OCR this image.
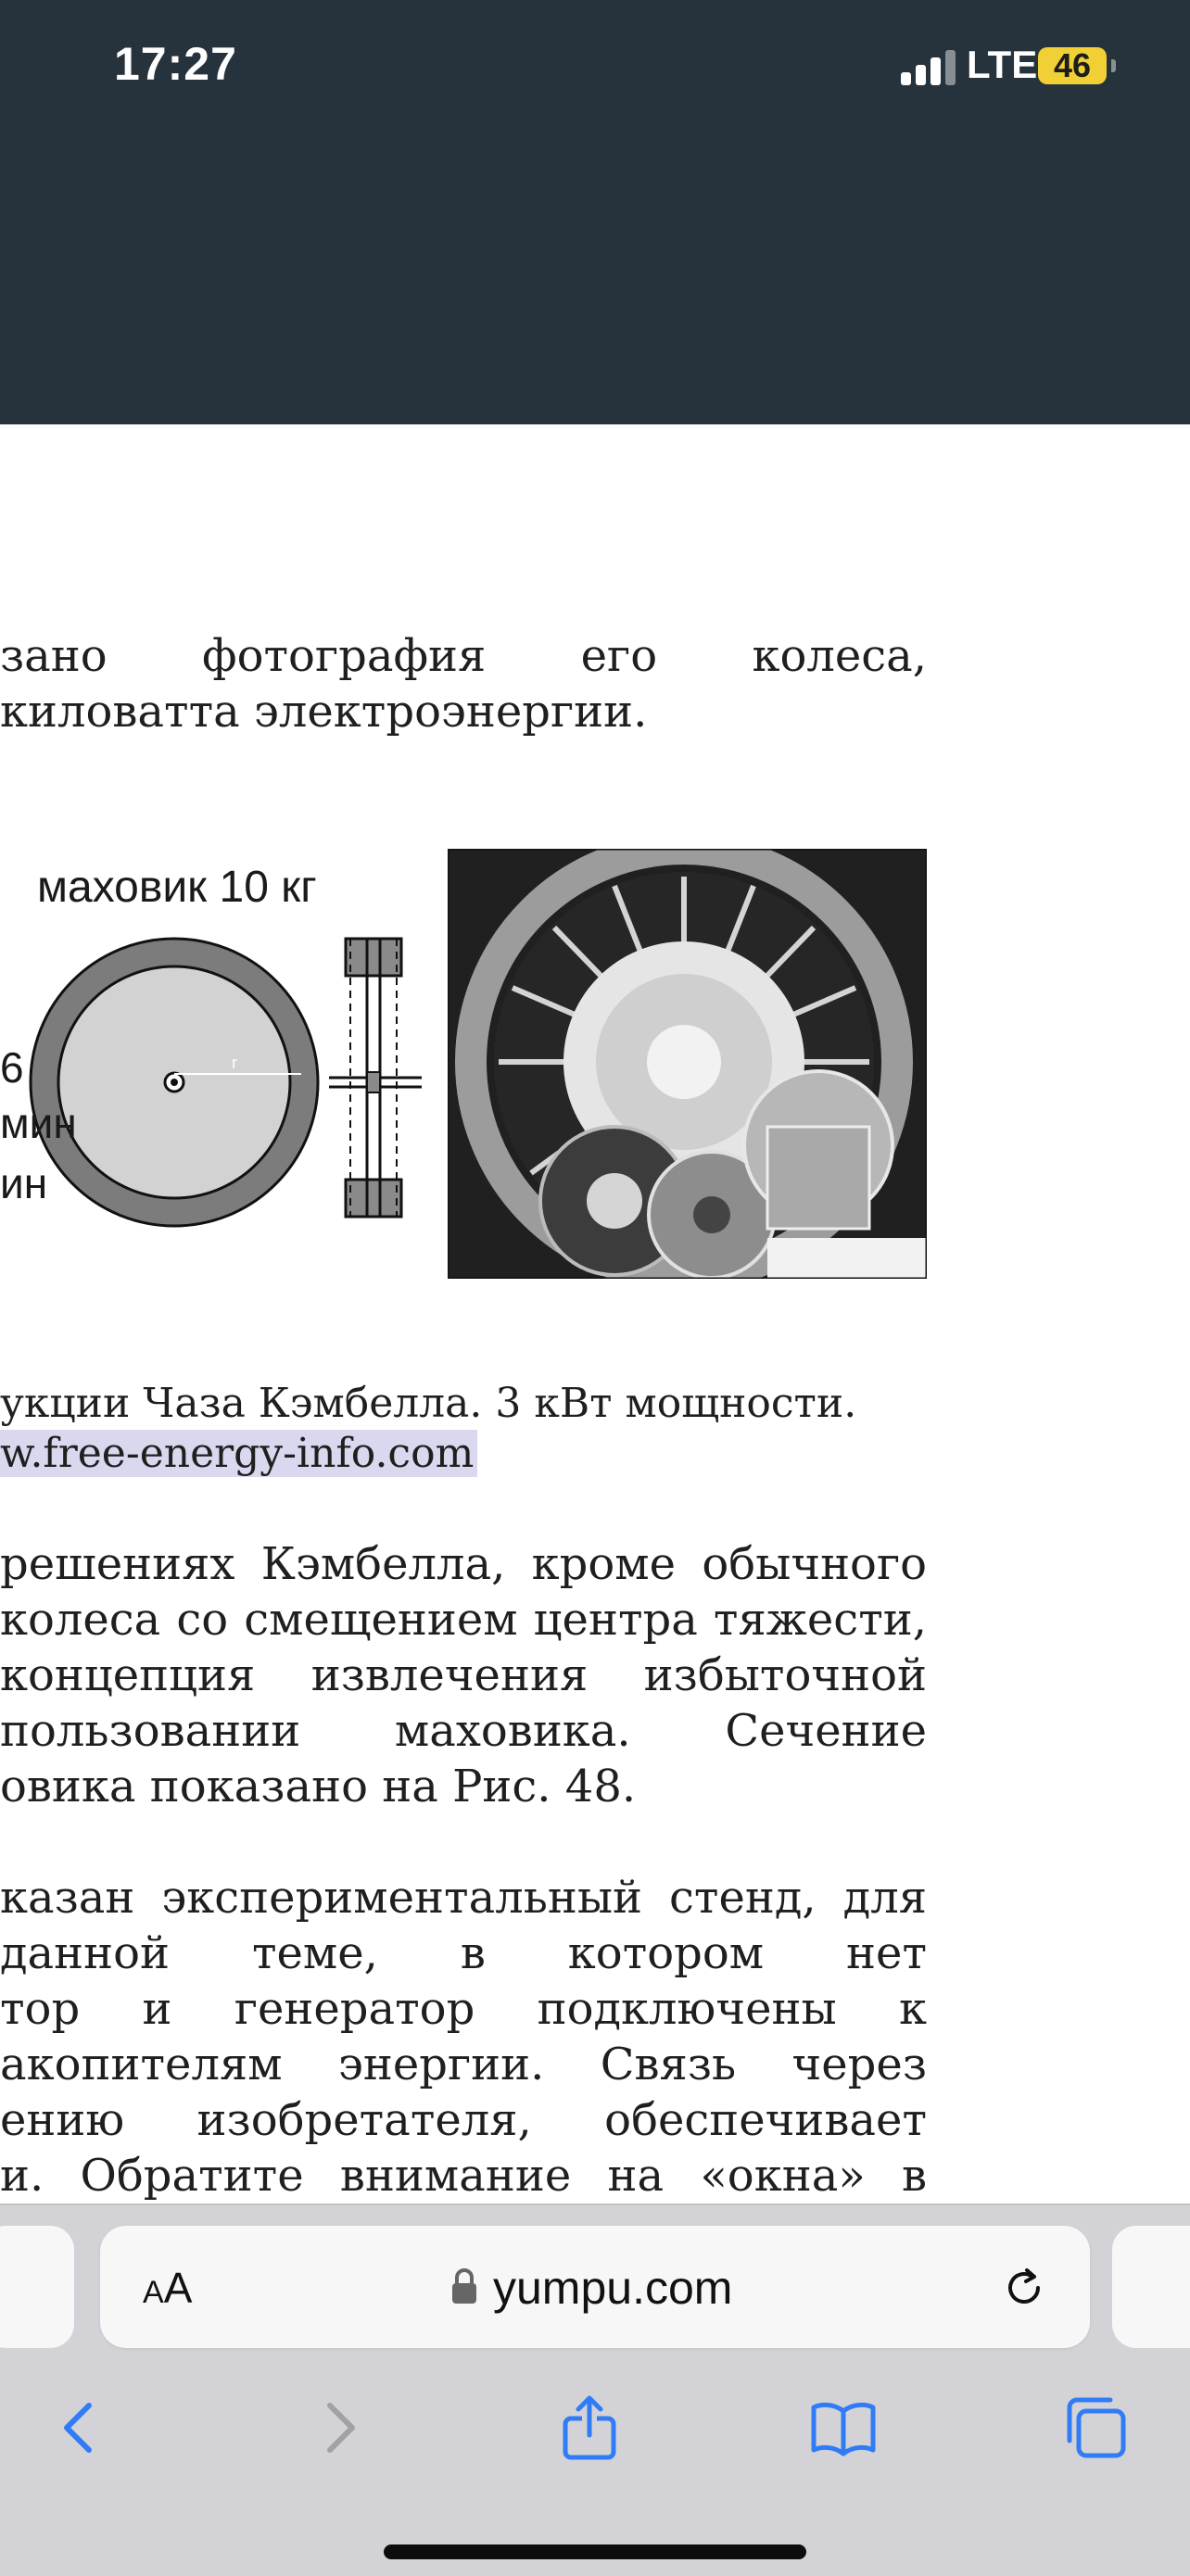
17:27	LTE 46
зано фотография его колеса,
киловатта электроэнергии.
маховик 10 кг
r
6
мин
ин
укции Чаза Кэмбелла. 3 кВт мощности.
w.free-energy-info.com
решениях Кэмбелла, кроме обычного
колеса со смещением центра тяжести,
концепция извлечения избыточной
пользовании маховика. Сечение
овика показано на Рис. 48.
казан экспериментальный стенд, для
данной теме, в котором нет
тор и генератор подключены к
акопителям энергии. Связь через
ению изобретателя, обеспечивает
и. Обратите внимание на «окна» в
AA	yumpu.com
